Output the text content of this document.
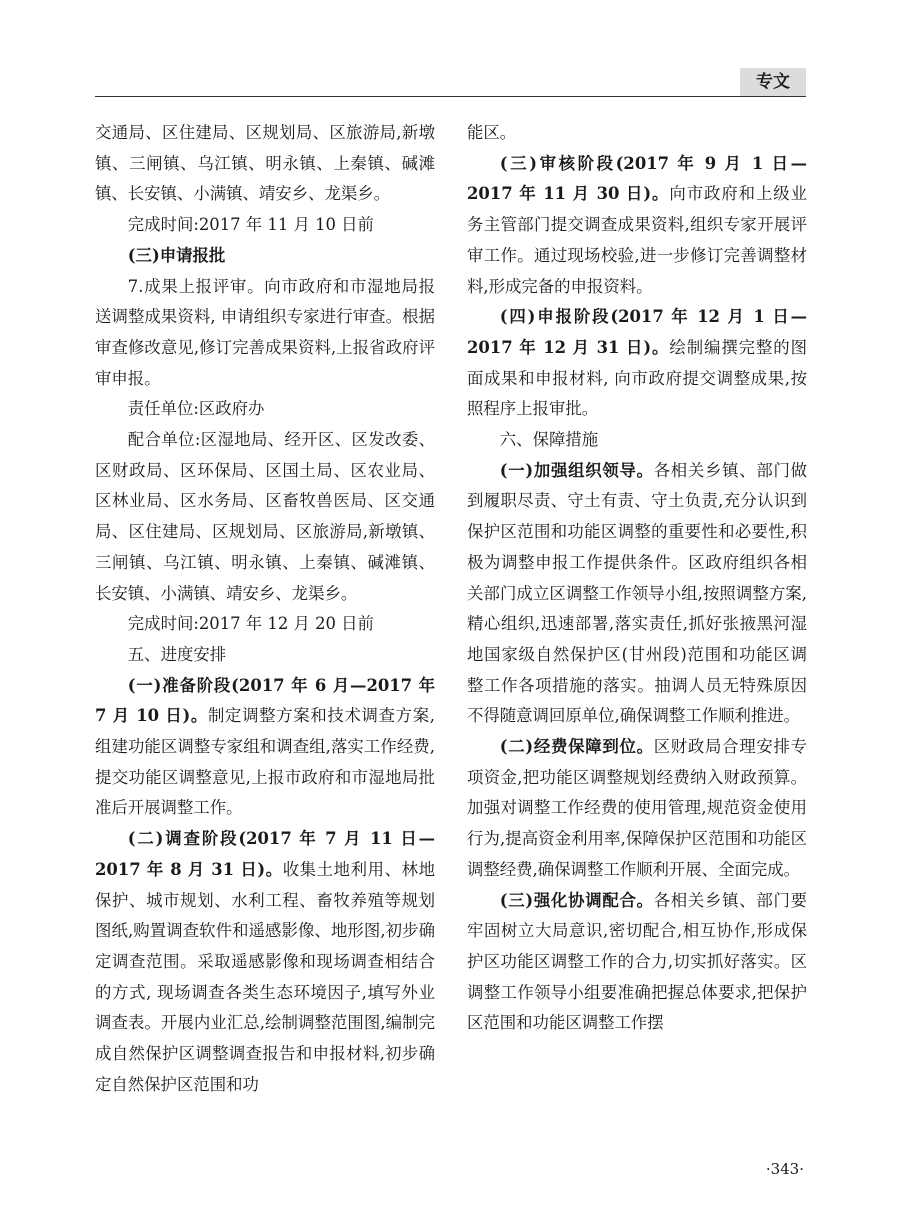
专文

交通局、区住建局、区规划局、区旅游局,新墩镇、三闸镇、乌江镇、明永镇、上秦镇、碱滩镇、长安镇、小满镇、靖安乡、龙渠乡。

完成时间:2017 年 11 月 10 日前

(三)申请报批

7.成果上报评审。向市政府和市湿地局报送调整成果资料, 申请组织专家进行审查。根据审查修改意见,修订完善成果资料,上报省政府评审申报。

责任单位:区政府办

配合单位:区湿地局、经开区、区发改委、区财政局、区环保局、区国土局、区农业局、区林业局、区水务局、区畜牧兽医局、区交通局、区住建局、区规划局、区旅游局,新墩镇、三闸镇、乌江镇、明永镇、上秦镇、碱滩镇、长安镇、小满镇、靖安乡、龙渠乡。

完成时间:2017 年 12 月 20 日前

五、进度安排

(一)准备阶段(2017 年 6 月—2017 年 7 月 10 日)。制定调整方案和技术调查方案,组建功能区调整专家组和调查组,落实工作经费,提交功能区调整意见,上报市政府和市湿地局批准后开展调整工作。

(二)调查阶段(2017 年 7 月 11 日—2017 年 8 月 31 日)。收集土地利用、林地保护、城市规划、水利工程、畜牧养殖等规划图纸,购置调查软件和遥感影像、地形图,初步确定调查范围。采取遥感影像和现场调查相结合的方式, 现场调查各类生态环境因子,填写外业调查表。开展内业汇总,绘制调整范围图,编制完成自然保护区调整调查报告和申报材料,初步确定自然保护区范围和功

能区。

(三)审核阶段(2017 年 9 月 1 日—2017 年 11 月 30 日)。向市政府和上级业务主管部门提交调查成果资料,组织专家开展评审工作。通过现场校验,进一步修订完善调整材料,形成完备的申报资料。

(四)申报阶段(2017 年 12 月 1 日—2017 年 12 月 31 日)。绘制编撰完整的图面成果和申报材料, 向市政府提交调整成果,按照程序上报审批。

六、保障措施

(一)加强组织领导。各相关乡镇、部门做到履职尽责、守土有责、守土负责,充分认识到保护区范围和功能区调整的重要性和必要性,积极为调整申报工作提供条件。区政府组织各相关部门成立区调整工作领导小组,按照调整方案,精心组织,迅速部署,落实责任,抓好张掖黑河湿地国家级自然保护区(甘州段)范围和功能区调整工作各项措施的落实。抽调人员无特殊原因不得随意调回原单位,确保调整工作顺利推进。

(二)经费保障到位。区财政局合理安排专项资金,把功能区调整规划经费纳入财政预算。加强对调整工作经费的使用管理,规范资金使用行为,提高资金利用率,保障保护区范围和功能区调整经费,确保调整工作顺利开展、全面完成。

(三)强化协调配合。各相关乡镇、部门要牢固树立大局意识,密切配合,相互协作,形成保护区功能区调整工作的合力,切实抓好落实。区调整工作领导小组要准确把握总体要求,把保护区范围和功能区调整工作摆

·343·
